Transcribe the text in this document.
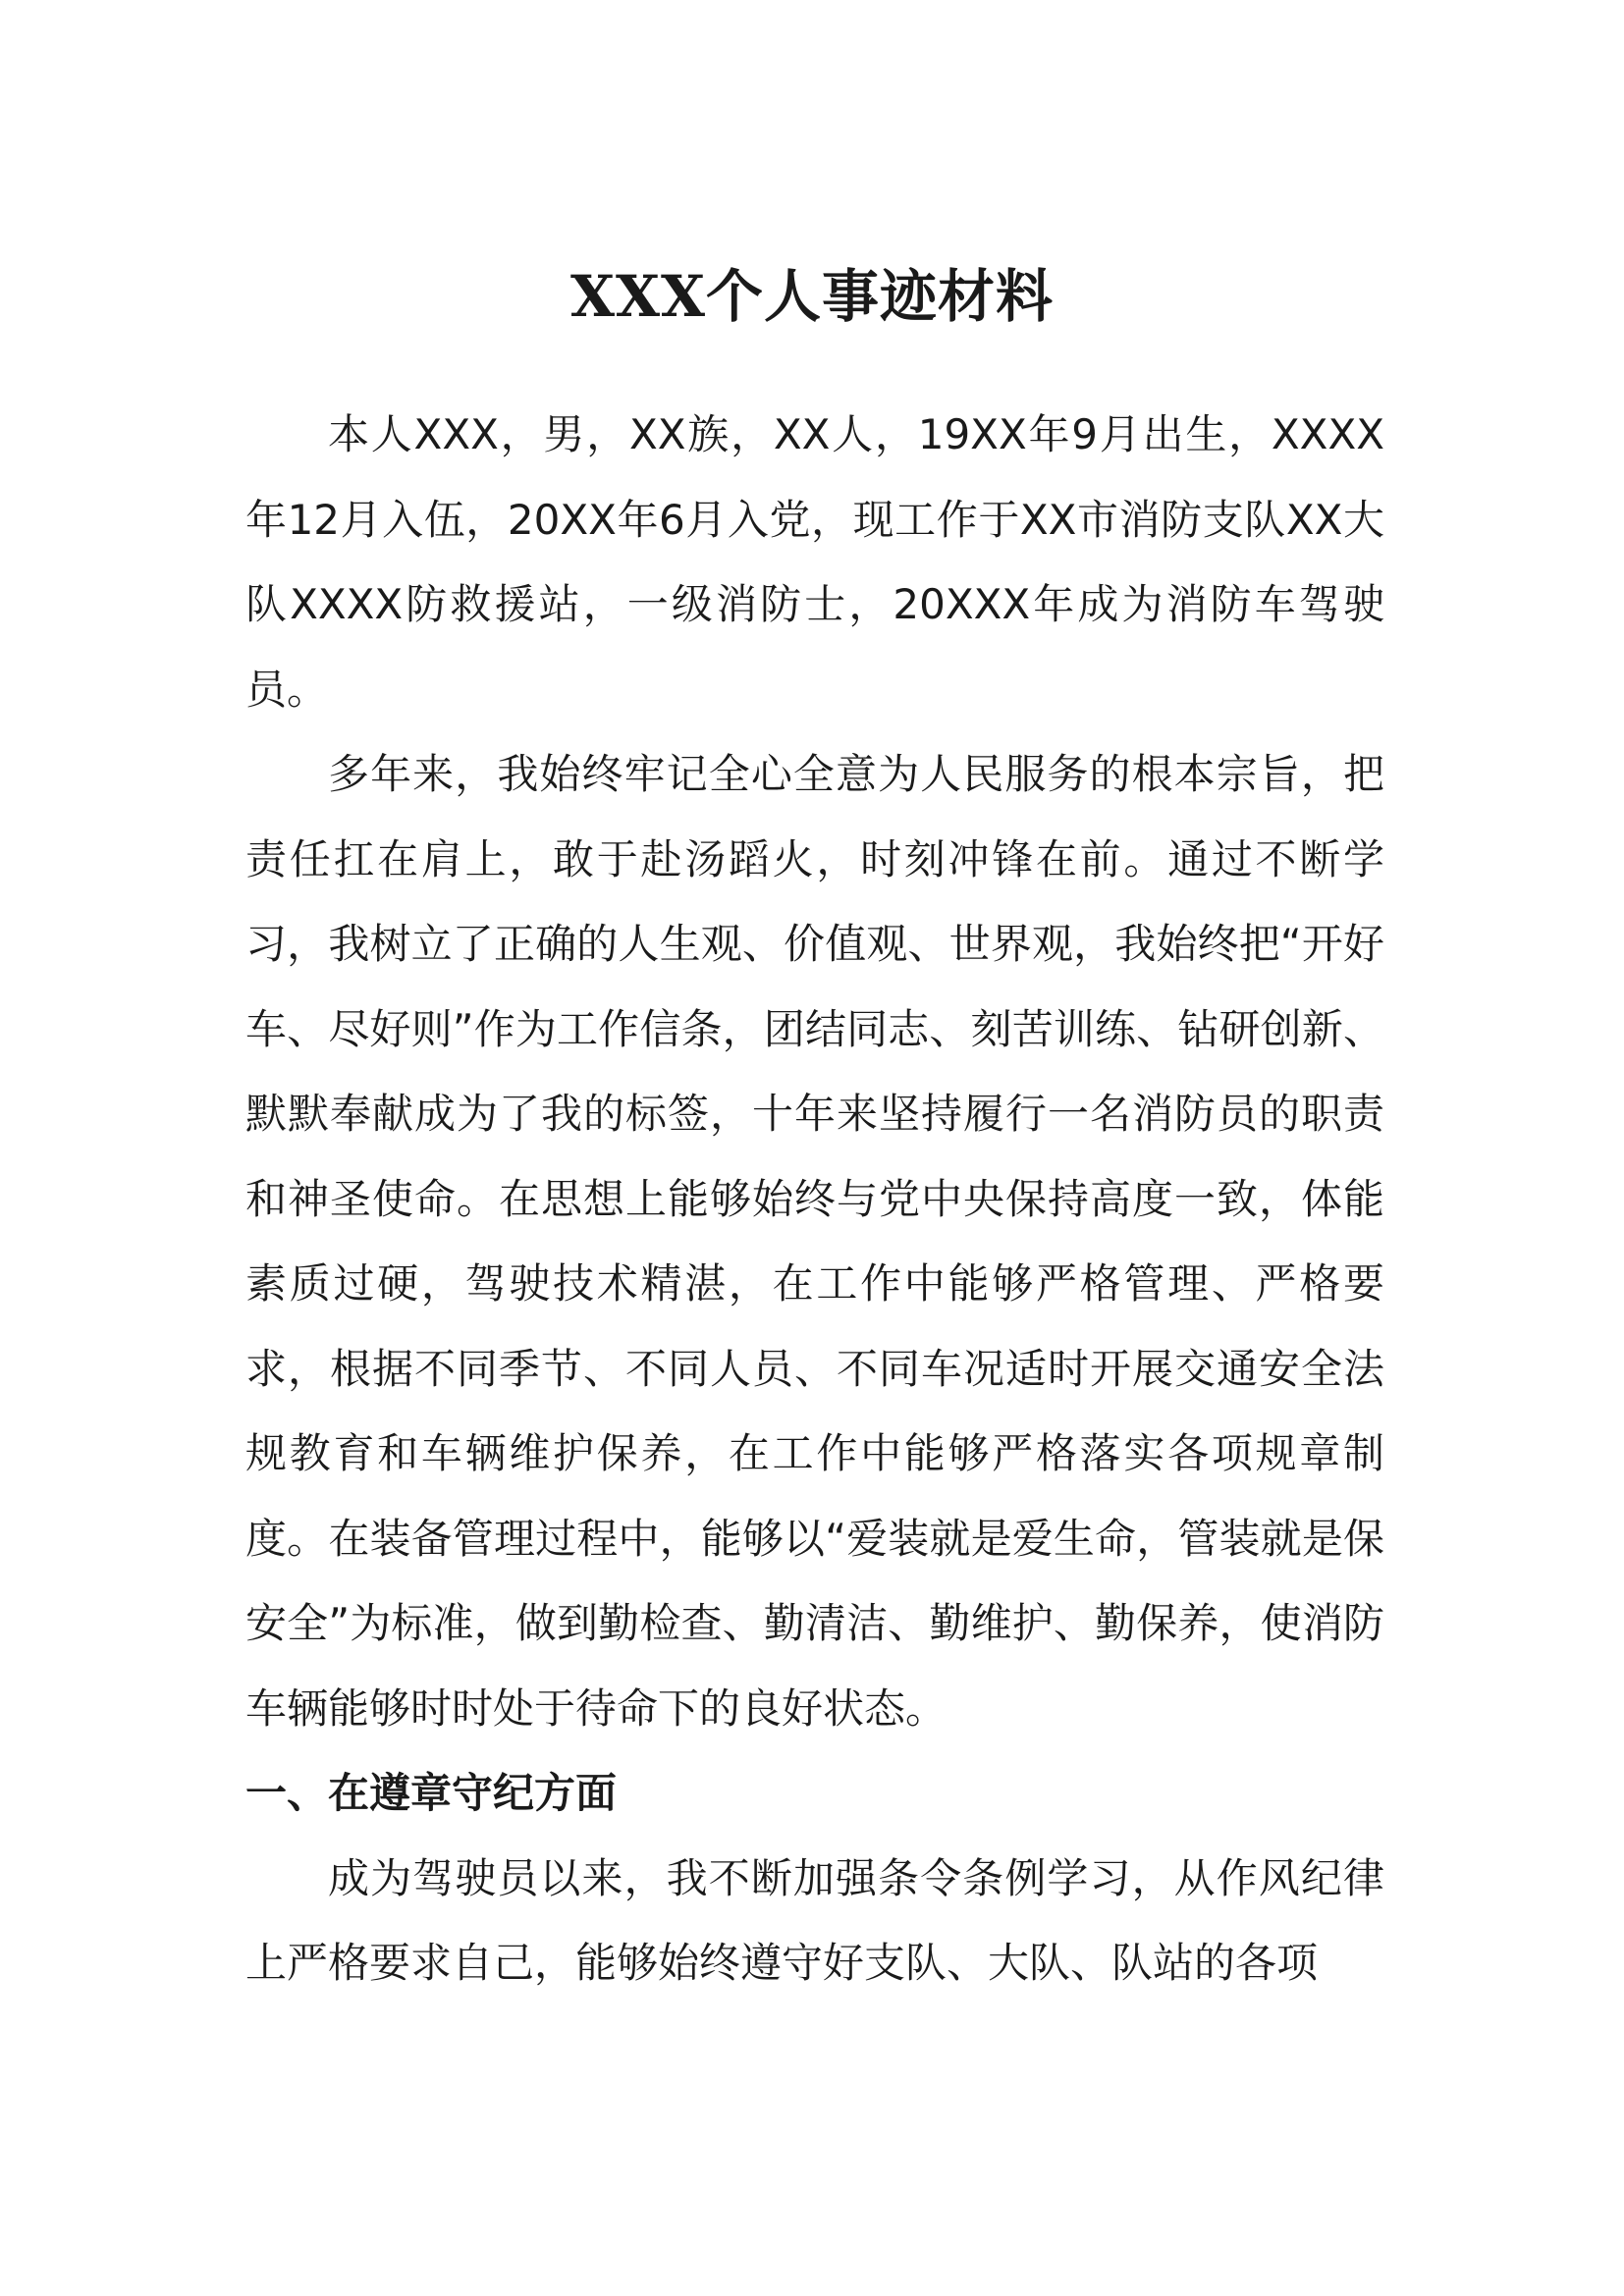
XXX个人事迹材料

本人XXX，男，XX族，XX人，19XX年9月出生，XXXX年12月入伍，20XX年6月入党，现工作于XX市消防支队XX大队XXXX防救援站，一级消防士，20XXX年成为消防车驾驶员。

多年来，我始终牢记全心全意为人民服务的根本宗旨，把责任扛在肩上，敢于赴汤蹈火，时刻冲锋在前。通过不断学习，我树立了正确的人生观、价值观、世界观，我始终把“开好车、尽好则”作为工作信条，团结同志、刻苦训练、钻研创新、默默奉献成为了我的标签，十年来坚持履行一名消防员的职责和神圣使命。在思想上能够始终与党中央保持高度一致，体能素质过硬，驾驶技术精湛，在工作中能够严格管理、严格要求，根据不同季节、不同人员、不同车况适时开展交通安全法规教育和车辆维护保养，在工作中能够严格落实各项规章制度。在装备管理过程中，能够以“爱装就是爱生命，管装就是保安全”为标准，做到勤检查、勤清洁、勤维护、勤保养，使消防车辆能够时时处于待命下的良好状态。

一、在遵章守纪方面

成为驾驶员以来，我不断加强条令条例学习，从作风纪律上严格要求自己，能够始终遵守好支队、大队、队站的各项
